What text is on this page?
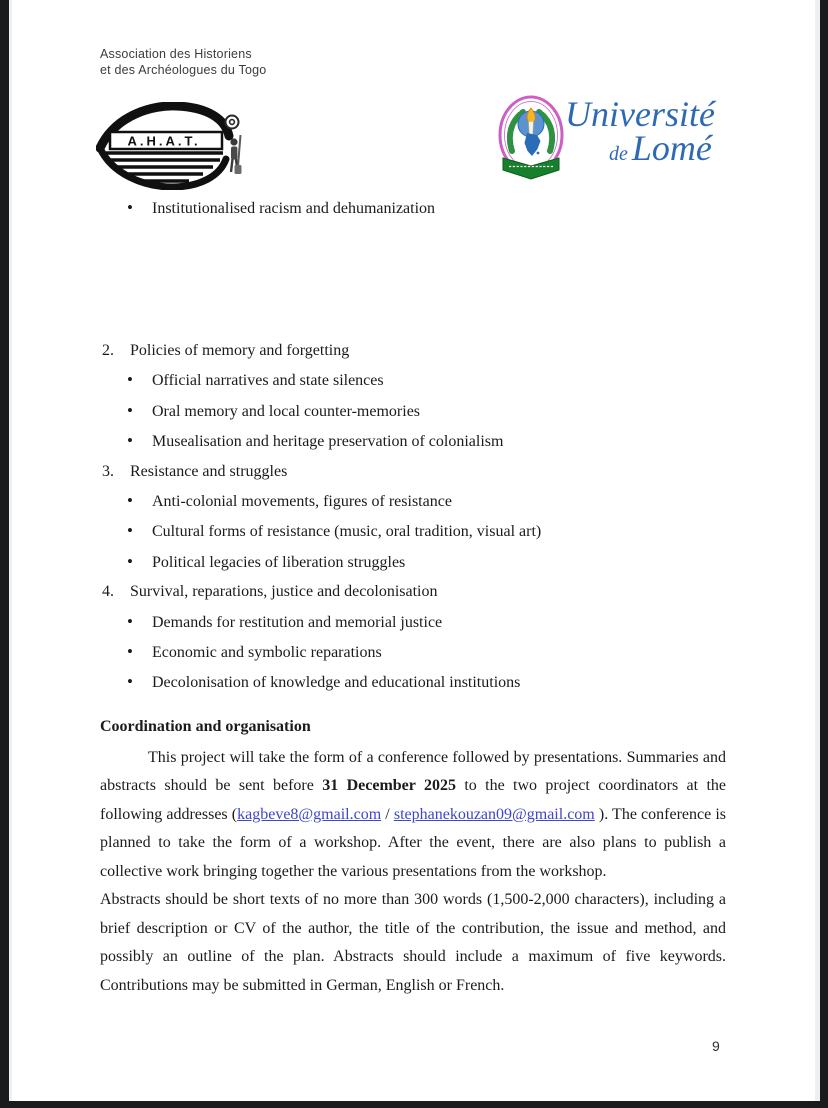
Association des Historiens
et des Archéologues du Togo
A.H.A.T.
Université
de Lomé
•
Institutionalised racism and dehumanization
2.	Policies of memory and forgetting
•
Official narratives and state silences
•
Oral memory and local counter-memories
•
Musealisation and heritage preservation of colonialism
3.	Resistance and struggles
•
Anti-colonial movements, figures of resistance
•
Cultural forms of resistance (music, oral tradition, visual art)
•
Political legacies of liberation struggles
4.	Survival, reparations, justice and decolonisation
•
Demands for restitution and memorial justice
•
Economic and symbolic reparations
•
Decolonisation of knowledge and educational institutions
Coordination and organisation

This project will take the form of a conference followed by presentations. Summaries and abstracts should be sent before 31 December 2025 to the two project coordinators at the following addresses (kagbeve8@gmail.com / stephanekouzan09@gmail.com ). The conference is planned to take the form of a workshop. After the event, there are also plans to publish a collective work bringing together the various presentations from the workshop.

Abstracts should be short texts of no more than 300 words (1,500-2,000 characters), including a brief description or CV of the author, the title of the contribution, the issue and method, and possibly an outline of the plan. Abstracts should include a maximum of five keywords. Contributions may be submitted in German, English or French.

9
